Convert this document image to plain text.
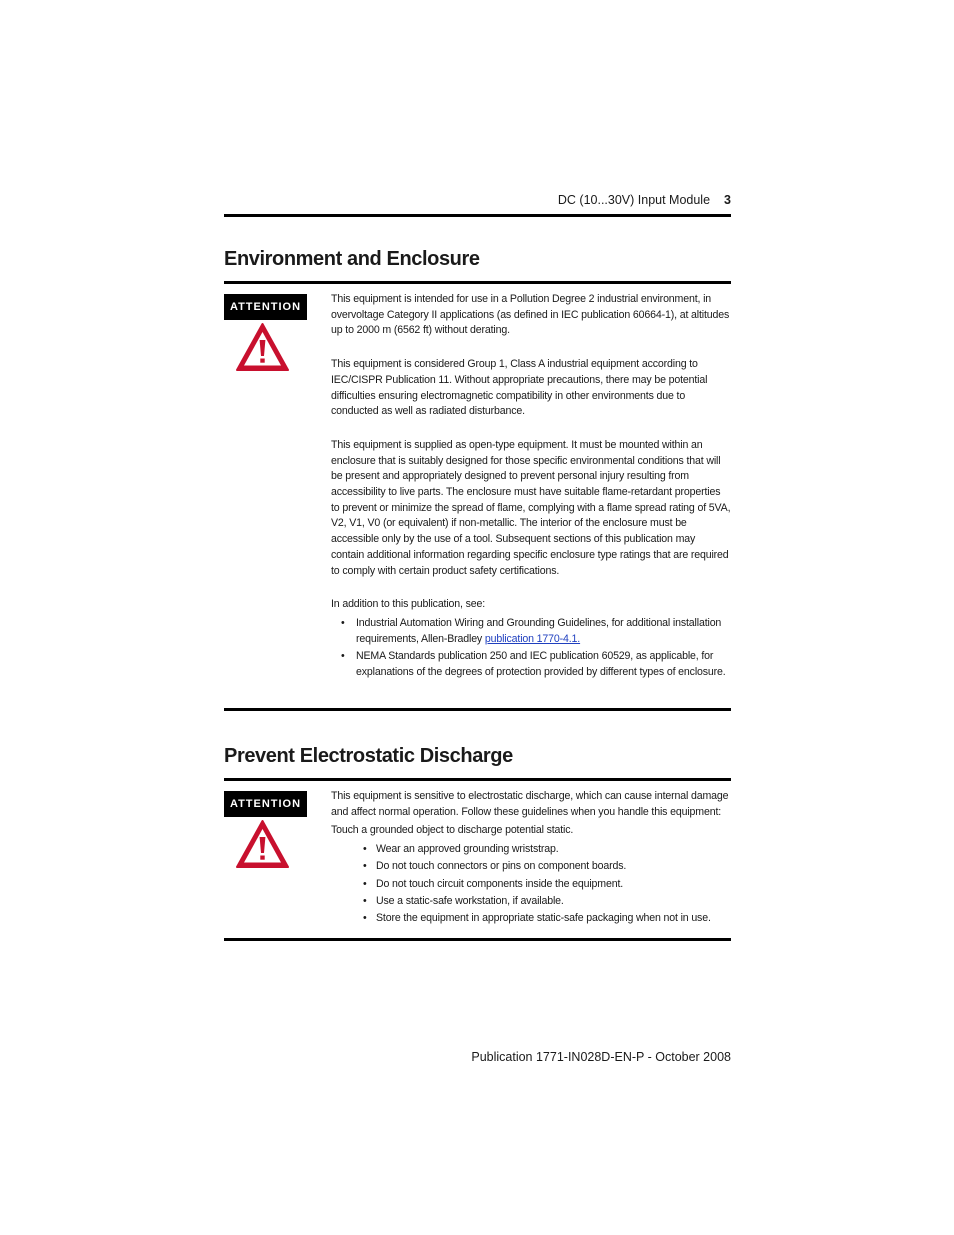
DC (10...30V) Input Module 3
Environment and Enclosure
ATTENTION

This equipment is intended for use in a Pollution Degree 2 industrial environment, in overvoltage Category II applications (as defined in IEC publication 60664-1), at altitudes up to 2000 m (6562 ft) without derating.

This equipment is considered Group 1, Class A industrial equipment according to IEC/CISPR Publication 11. Without appropriate precautions, there may be potential difficulties ensuring electromagnetic compatibility in other environments due to conducted as well as radiated disturbance.

This equipment is supplied as open-type equipment. It must be mounted within an enclosure that is suitably designed for those specific environmental conditions that will be present and appropriately designed to prevent personal injury resulting from accessibility to live parts. The enclosure must have suitable flame-retardant properties to prevent or minimize the spread of flame, complying with a flame spread rating of 5VA, V2, V1, V0 (or equivalent) if non-metallic. The interior of the enclosure must be accessible only by the use of a tool. Subsequent sections of this publication may contain additional information regarding specific enclosure type ratings that are required to comply with certain product safety certifications.

In addition to this publication, see:

• Industrial Automation Wiring and Grounding Guidelines, for additional installation requirements, Allen-Bradley publication 1770-4.1.
• NEMA Standards publication 250 and IEC publication 60529, as applicable, for explanations of the degrees of protection provided by different types of enclosure.
Prevent Electrostatic Discharge
ATTENTION

This equipment is sensitive to electrostatic discharge, which can cause internal damage and affect normal operation. Follow these guidelines when you handle this equipment:

Touch a grounded object to discharge potential static.

• Wear an approved grounding wriststrap.
• Do not touch connectors or pins on component boards.
• Do not touch circuit components inside the equipment.
• Use a static-safe workstation, if available.
• Store the equipment in appropriate static-safe packaging when not in use.
Publication 1771-IN028D-EN-P - October 2008
